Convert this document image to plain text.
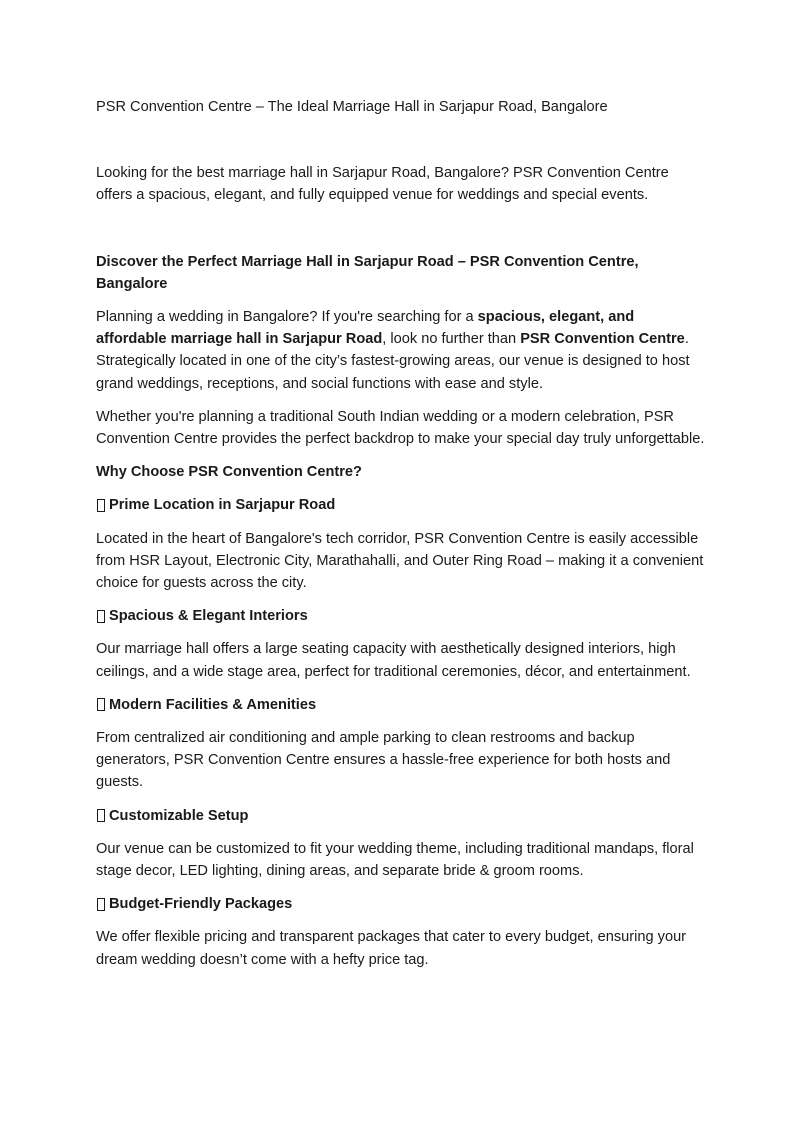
PSR Convention Centre – The Ideal Marriage Hall in Sarjapur Road, Bangalore

Looking for the best marriage hall in Sarjapur Road, Bangalore? PSR Convention Centre offers a spacious, elegant, and fully equipped venue for weddings and special events.

Discover the Perfect Marriage Hall in Sarjapur Road – PSR Convention Centre, Bangalore

Planning a wedding in Bangalore? If you're searching for a spacious, elegant, and affordable marriage hall in Sarjapur Road, look no further than PSR Convention Centre. Strategically located in one of the city’s fastest-growing areas, our venue is designed to host grand weddings, receptions, and social functions with ease and style.

Whether you're planning a traditional South Indian wedding or a modern celebration, PSR Convention Centre provides the perfect backdrop to make your special day truly unforgettable.

Why Choose PSR Convention Centre?

Prime Location in Sarjapur Road

Located in the heart of Bangalore's tech corridor, PSR Convention Centre is easily accessible from HSR Layout, Electronic City, Marathahalli, and Outer Ring Road – making it a convenient choice for guests across the city.

Spacious & Elegant Interiors

Our marriage hall offers a large seating capacity with aesthetically designed interiors, high ceilings, and a wide stage area, perfect for traditional ceremonies, décor, and entertainment.

Modern Facilities & Amenities

From centralized air conditioning and ample parking to clean restrooms and backup generators, PSR Convention Centre ensures a hassle-free experience for both hosts and guests.

Customizable Setup

Our venue can be customized to fit your wedding theme, including traditional mandaps, floral stage decor, LED lighting, dining areas, and separate bride & groom rooms.

Budget-Friendly Packages

We offer flexible pricing and transparent packages that cater to every budget, ensuring your dream wedding doesn’t come with a hefty price tag.
